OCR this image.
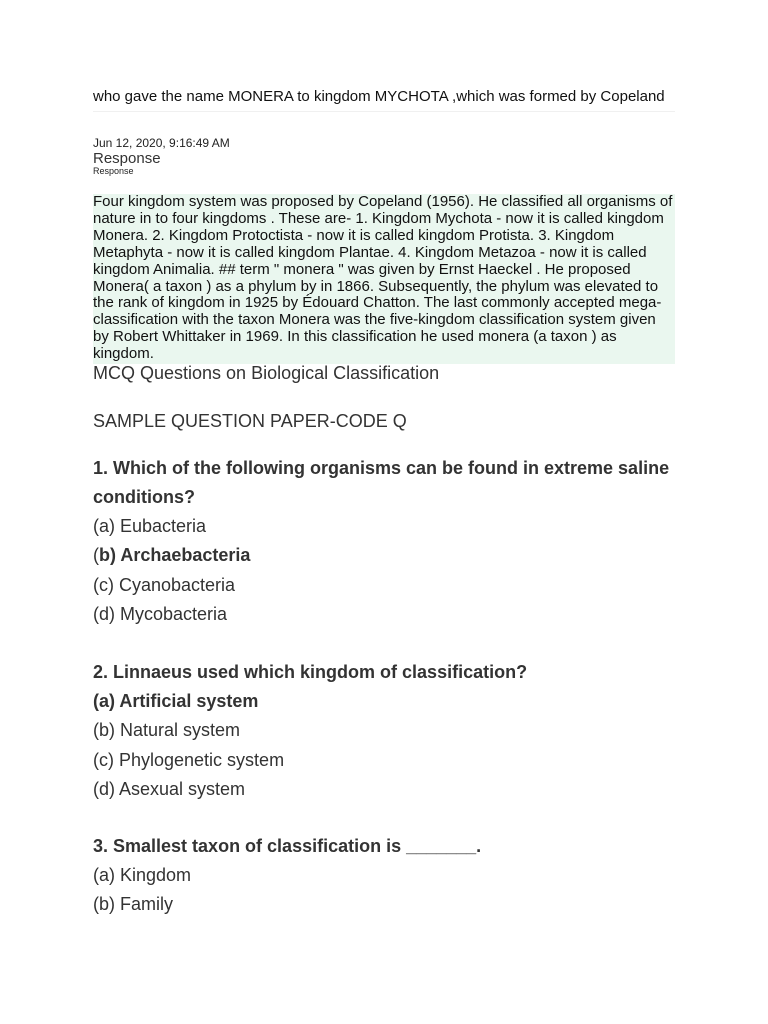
who gave the name MONERA to kingdom MYCHOTA ,which was formed by Copeland
Jun 12, 2020, 9:16:49 AM
Response
Response
Four kingdom system was proposed by Copeland (1956). He classified all organisms of nature in to four kingdoms . These are- 1. Kingdom Mychota - now it is called kingdom Monera. 2. Kingdom Protoctista - now it is called kingdom Protista. 3. Kingdom Metaphyta - now it is called kingdom Plantae. 4. Kingdom Metazoa - now it is called kingdom Animalia. ## term " monera " was given by Ernst Haeckel . He proposed Monera( a taxon ) as a phylum by in 1866. Subsequently, the phylum was elevated to the rank of kingdom in 1925 by Édouard Chatton. The last commonly accepted mega-classification with the taxon Monera was the five-kingdom classification system given by Robert Whittaker in 1969. In this classification he used monera (a taxon ) as kingdom.
MCQ Questions on Biological Classification
SAMPLE QUESTION PAPER-CODE Q
1. Which of the following organisms can be found in extreme saline conditions?
(a) Eubacteria
(b) Archaebacteria
(c) Cyanobacteria
(d) Mycobacteria
2. Linnaeus used which kingdom of classification?
(a) Artificial system
(b) Natural system
(c) Phylogenetic system
(d) Asexual system
3. Smallest taxon of classification is _______.
(a) Kingdom
(b) Family
